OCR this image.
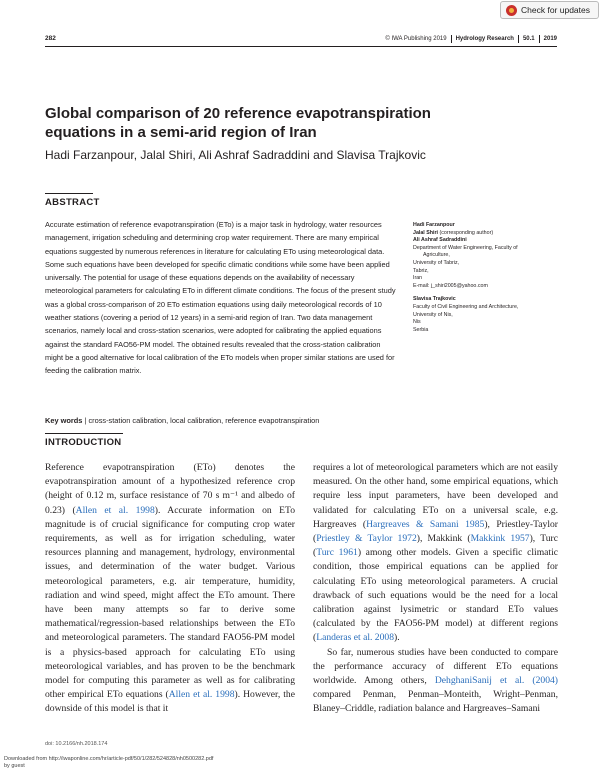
Check for updates
282	© IWA Publishing 2019 Hydrology Research 50.1 2019
Global comparison of 20 reference evapotranspiration equations in a semi-arid region of Iran
Hadi Farzanpour, Jalal Shiri, Ali Ashraf Sadraddini and Slavisa Trajkovic
ABSTRACT
Accurate estimation of reference evapotranspiration (ETo) is a major task in hydrology, water resources management, irrigation scheduling and determining crop water requirement. There are many empirical equations suggested by numerous references in literature for calculating ETo using meteorological data. Some such equations have been developed for specific climatic conditions while some have been applied universally. The potential for usage of these equations depends on the availability of necessary meteorological parameters for calculating ETo in different climate conditions. The focus of the present study was a global cross-comparison of 20 ETo estimation equations using daily meteorological records of 10 weather stations (covering a period of 12 years) in a semi-arid region of Iran. Two data management scenarios, namely local and cross-station scenarios, were adopted for calibrating the applied equations against the standard FAO56-PM model. The obtained results revealed that the cross-station calibration might be a good alternative for local calibration of the ETo models when proper similar stations are used for feeding the calibration matrix.
Key words | cross-station calibration, local calibration, reference evapotranspiration
Hadi Farzanpour
Jalal Shiri (corresponding author)
Ali Ashraf Sadraddini
Department of Water Engineering, Faculty of
Agriculture,
University of Tabriz,
Tabriz,
Iran
E-mail: j_shiri2005@yahoo.com
Slavisa Trajkovic
Faculty of Civil Engineering and Architecture,
University of Nis,
Nis
Serbia
INTRODUCTION

Reference evapotranspiration (ETo) denotes the evapotranspiration amount of a hypothesized reference crop (height of 0.12 m, surface resistance of 70 s m⁻¹ and albedo of 0.23) (Allen et al. 1998). Accurate information on ETo magnitude is of crucial significance for computing crop water requirements, as well as for irrigation scheduling, water resources planning and management, hydrology, environmental issues, and determination of the water budget. Various meteorological parameters, e.g. air temperature, humidity, radiation and wind speed, might affect the ETo amount. There have been many attempts so far to derive some mathematical/regression-based relationships between the ETo and meteorological parameters. The standard FAO56-PM model is a physics-based approach for calculating ETo using meteorological variables, and has proven to be the benchmark model for computing this parameter as well as for calibrating other empirical ETo equations (Allen et al. 1998). However, the downside of this model is that it

requires a lot of meteorological parameters which are not easily measured. On the other hand, some empirical equations, which require less input parameters, have been developed and validated for calculating ETo on a universal scale, e.g. Hargreaves (Hargreaves & Samani 1985), Priestley-Taylor (Priestley & Taylor 1972), Makkink (Makkink 1957), Turc (Turc 1961) among other models. Given a specific climatic condition, those empirical equations can be applied for calculating ETo using meteorological parameters. A crucial drawback of such equations would be the need for a local calibration against lysimetric or standard ETo values (calculated by the FAO56-PM model) at different regions (Landeras et al. 2008).

So far, numerous studies have been conducted to compare the performance accuracy of different ETo equations worldwide. Among others, DehghaniSanij et al. (2004) compared Penman, Penman–Monteith, Wright–Penman, Blaney–Criddle, radiation balance and Hargreaves–Samani

doi: 10.2166/nh.2018.174
Downloaded from http://iwaponline.com/hr/article-pdf/50/1/282/524828/nh0500282.pdf
by guest
